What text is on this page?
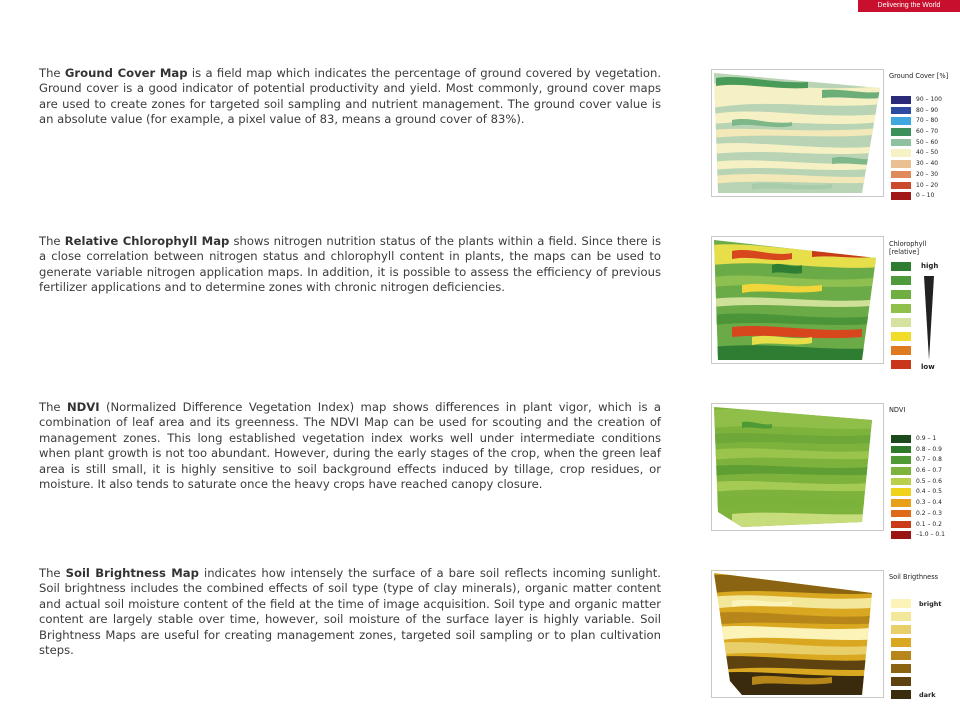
Delivering the World

The Ground Cover Map is a field map which indicates the percentage of ground covered by vegetation. Ground cover is a good indicator of potential productivity and yield. Most commonly, ground cover maps are used to create zones for targeted soil sampling and nutrient management. The ground cover value is an absolute value (for example, a pixel value of 83, means a ground cover of 83%).

Ground Cover [%]
90 – 100
80 – 90
70 – 80
60 – 70
50 – 60
40 – 50
30 – 40
20 – 30
10 – 20
0 – 10

The Relative Chlorophyll Map shows nitrogen nutrition status of the plants within a field. Since there is a close correlation between nitrogen status and chlorophyll content in plants, the maps can be used to generate variable nitrogen application maps. In addition, it is possible to assess the efficiency of previous fertilizer applications and to determine zones with chronic nitrogen deficiencies.

Chlorophyll
[relative]
high
low

The NDVI (Normalized Difference Vegetation Index) map shows differences in plant vigor, which is a combination of leaf area and its greenness. The NDVI Map can be used for scouting and the creation of management zones. This long established vegetation index works well under intermediate conditions when plant growth is not too abundant. However, during the early stages of the crop, when the green leaf area is still small, it is highly sensitive to soil background effects induced by tillage, crop residues, or moisture. It also tends to saturate once the heavy crops have reached canopy closure.

NDVI
0.9 – 1
0.8 – 0.9
0.7 – 0.8
0.6 – 0.7
0.5 – 0.6
0.4 – 0.5
0.3 – 0.4
0.2 – 0.3
0.1 – 0.2
–1.0 – 0.1

The Soil Brightness Map indicates how intensely the surface of a bare soil reflects incoming sunlight. Soil brightness includes the combined effects of soil type (type of clay minerals), organic matter content and actual soil moisture content of the field at the time of image acquisition. Soil type and organic matter content are largely stable over time, however, soil moisture of the surface layer is highly variable. Soil Brightness Maps are useful for creating management zones, targeted soil sampling or to plan cultivation steps.

Soil Brigthness
bright
dark
